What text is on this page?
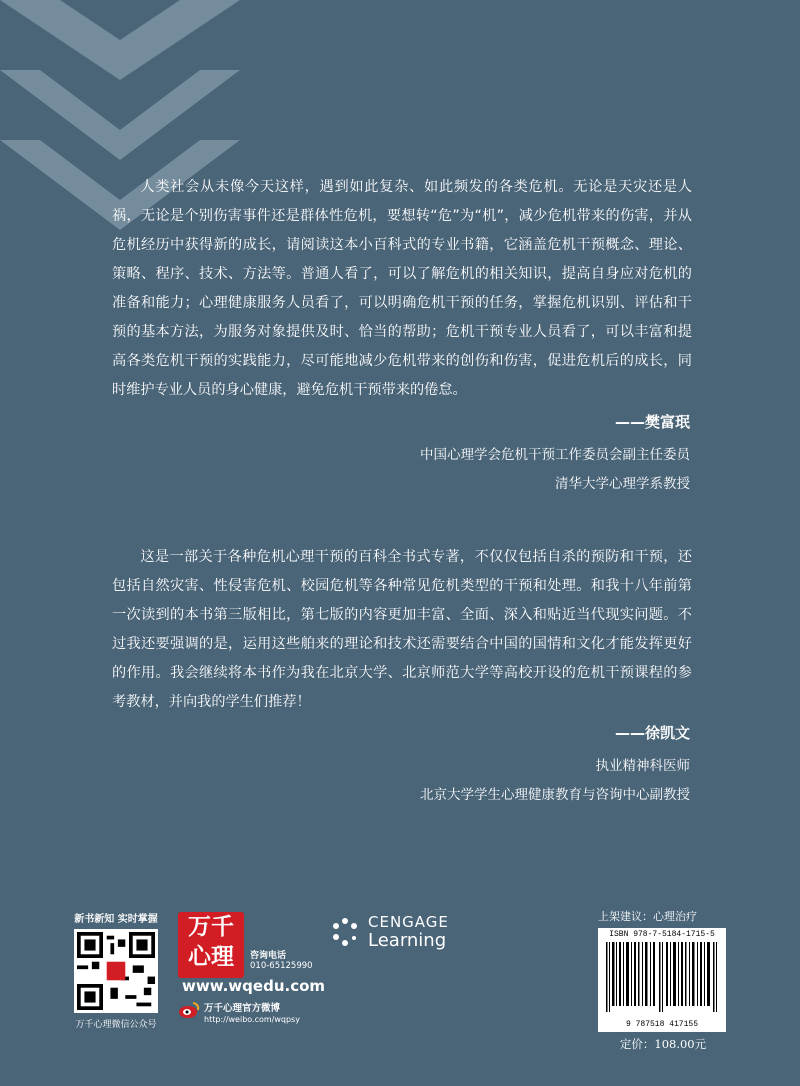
人类社会从未像今天这样，遇到如此复杂、如此频发的各类危机。无论是天灾还是人祸，无论是个别伤害事件还是群体性危机，要想转“危”为“机”，减少危机带来的伤害，并从危机经历中获得新的成长，请阅读这本小百科式的专业书籍，它涵盖危机干预概念、理论、策略、程序、技术、方法等。普通人看了，可以了解危机的相关知识，提高自身应对危机的准备和能力；心理健康服务人员看了，可以明确危机干预的任务，掌握危机识别、评估和干预的基本方法，为服务对象提供及时、恰当的帮助；危机干预专业人员看了，可以丰富和提高各类危机干预的实践能力，尽可能地减少危机带来的创伤和伤害，促进危机后的成长，同时维护专业人员的身心健康，避免危机干预带来的倦怠。

——樊富珉
中国心理学会危机干预工作委员会副主任委员
清华大学心理学系教授

这是一部关于各种危机心理干预的百科全书式专著，不仅仅包括自杀的预防和干预，还包括自然灾害、性侵害危机、校园危机等各种常见危机类型的干预和处理。和我十八年前第一次读到的本书第三版相比，第七版的内容更加丰富、全面、深入和贴近当代现实问题。不过我还要强调的是，运用这些舶来的理论和技术还需要结合中国的国情和文化才能发挥更好的作用。我会继续将本书作为我在北京大学、北京师范大学等高校开设的危机干预课程的参考教材，并向我的学生们推荐！

——徐凯文
执业精神科医师
北京大学学生心理健康教育与咨询中心副教授
新书新知 实时掌握
万千心理微信公众号
万千
心理	咨询电话
010-65125990
www.wqedu.com
万千心理官方微博
http://weibo.com/wqpsy
CENGAGE
Learning
上架建议：心理治疗
ISBN 978-7-5184-1715-5
9 787518 417155
定价：108.00元
